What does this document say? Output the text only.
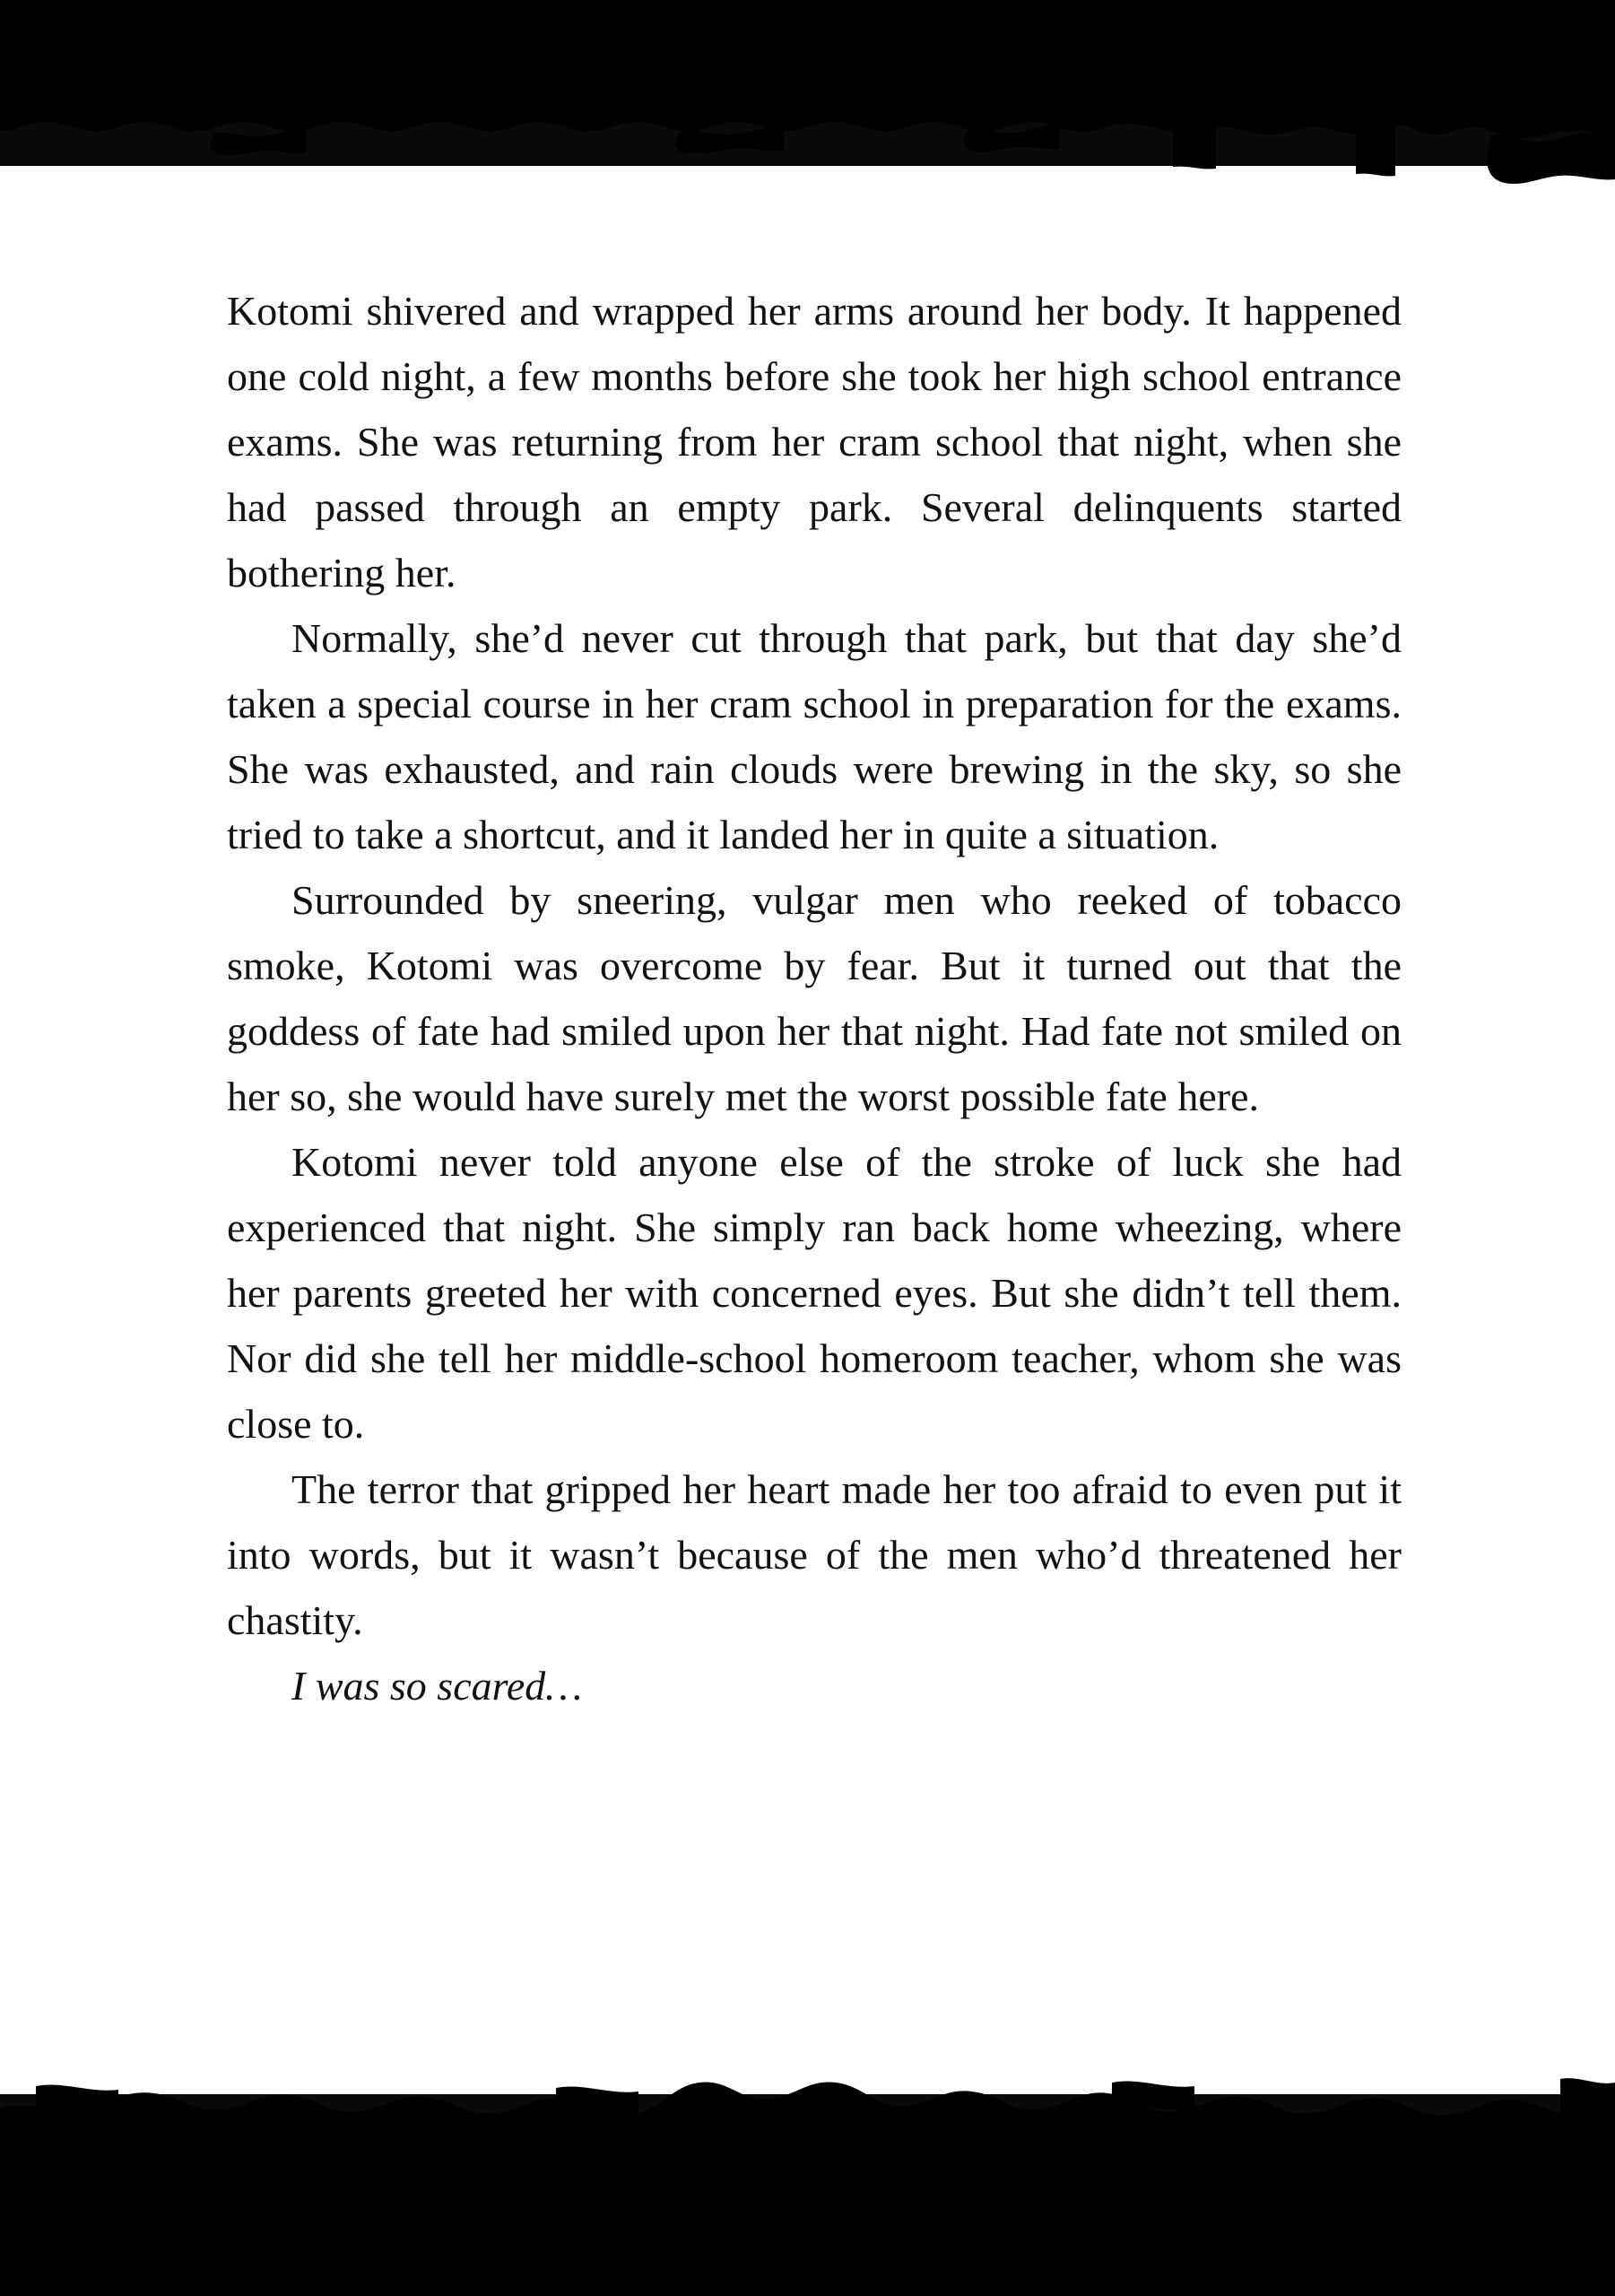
Kotomi shivered and wrapped her arms around her body. It happened one cold night, a few months before she took her high school entrance exams. She was returning from her cram school that night, when she had passed through an empty park. Several delinquents started bothering her.

Normally, she’d never cut through that park, but that day she’d taken a special course in her cram school in preparation for the exams. She was exhausted, and rain clouds were brewing in the sky, so she tried to take a shortcut, and it landed her in quite a situation.

Surrounded by sneering, vulgar men who reeked of tobacco smoke, Kotomi was overcome by fear. But it turned out that the goddess of fate had smiled upon her that night. Had fate not smiled on her so, she would have surely met the worst possible fate here.

Kotomi never told anyone else of the stroke of luck she had experienced that night. She simply ran back home wheezing, where her parents greeted her with concerned eyes. But she didn’t tell them. Nor did she tell her middle-school homeroom teacher, whom she was close to.

The terror that gripped her heart made her too afraid to even put it into words, but it wasn’t because of the men who’d threatened her chastity.

I was so scared…
